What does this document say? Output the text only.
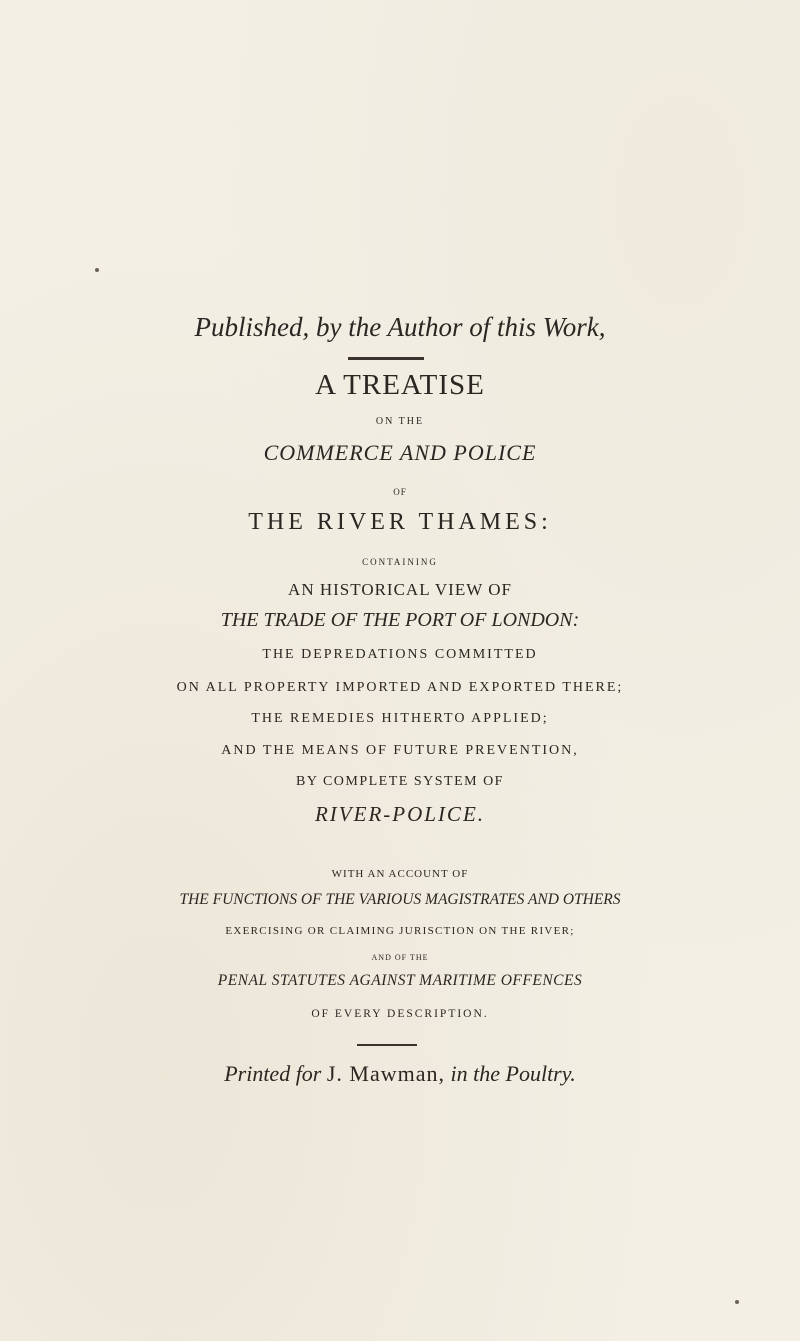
Published, by the Author of this Work,
A TREATISE
ON THE
COMMERCE AND POLICE
OF
THE RIVER THAMES:
CONTAINING
AN HISTORICAL VIEW OF
THE TRADE OF THE PORT OF LONDON:
THE DEPREDATIONS COMMITTED
ON ALL PROPERTY IMPORTED AND EXPORTED THERE;
THE REMEDIES HITHERTO APPLIED;
AND THE MEANS OF FUTURE PREVENTION,
BY COMPLETE SYSTEM OF
RIVER-POLICE.
WITH AN ACCOUNT OF
THE FUNCTIONS OF THE VARIOUS MAGISTRATES AND OTHERS
EXERCISING OR CLAIMING JURISCTION ON THE RIVER;
AND OF THE
PENAL STATUTES AGAINST MARITIME OFFENCES
OF EVERY DESCRIPTION.
Printed for J. Mawman, in the Poultry.
